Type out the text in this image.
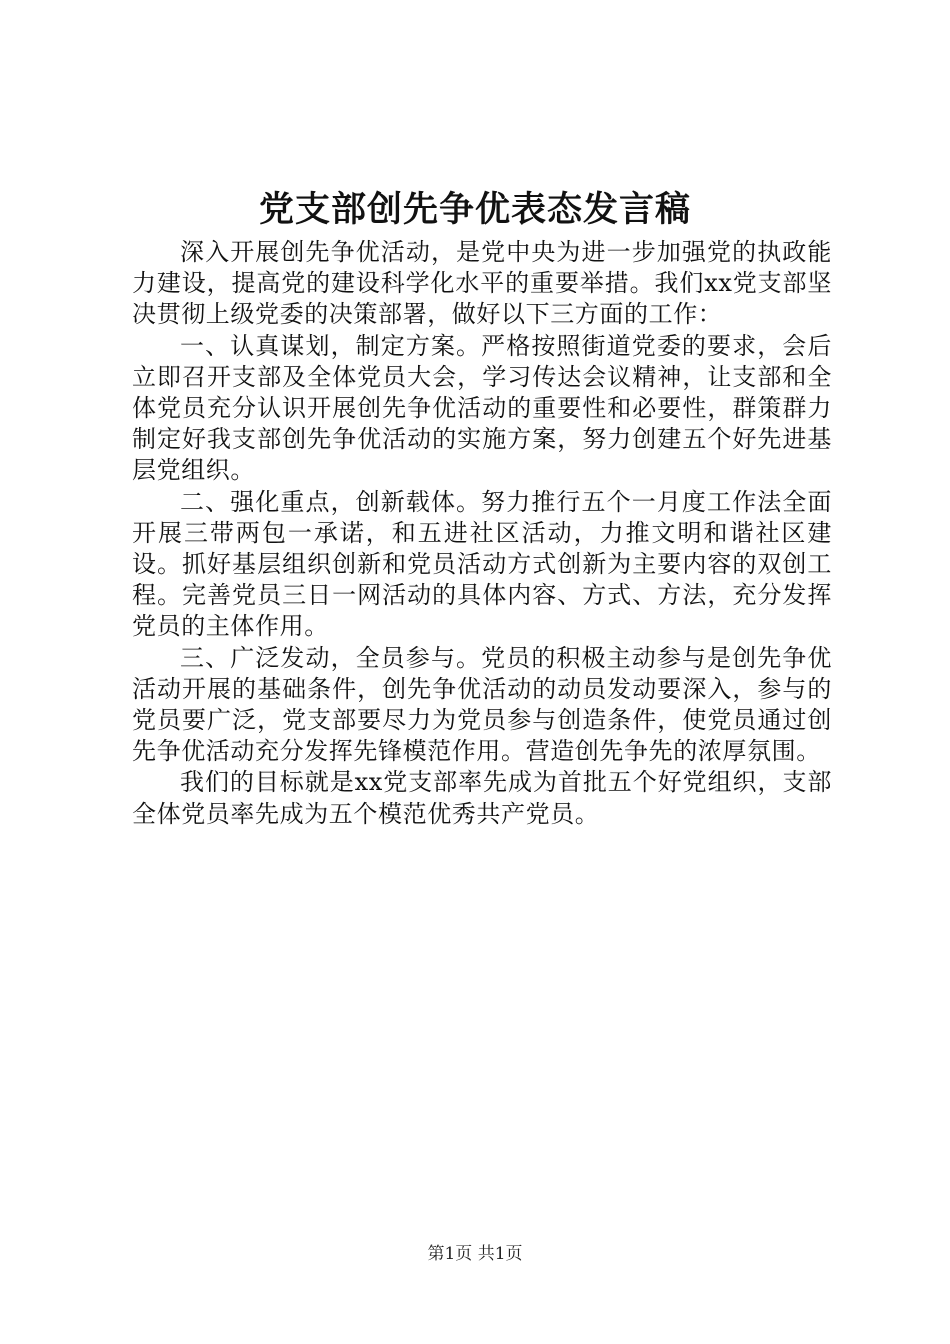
党支部创先争优表态发言稿

深入开展创先争优活动，是党中央为进一步加强党的执政能力建设，提高党的建设科学化水平的重要举措。我们xx党支部坚决贯彻上级党委的决策部署，做好以下三方面的工作：

一、认真谋划，制定方案。严格按照街道党委的要求，会后立即召开支部及全体党员大会，学习传达会议精神，让支部和全体党员充分认识开展创先争优活动的重要性和必要性，群策群力制定好我支部创先争优活动的实施方案，努力创建五个好先进基层党组织。

二、强化重点，创新载体。努力推行五个一月度工作法全面开展三带两包一承诺，和五进社区活动，力推文明和谐社区建设。抓好基层组织创新和党员活动方式创新为主要内容的双创工程。完善党员三日一网活动的具体内容、方式、方法，充分发挥党员的主体作用。

三、广泛发动，全员参与。党员的积极主动参与是创先争优活动开展的基础条件，创先争优活动的动员发动要深入，参与的党员要广泛，党支部要尽力为党员参与创造条件，使党员通过创先争优活动充分发挥先锋模范作用。营造创先争先的浓厚氛围。

我们的目标就是xx党支部率先成为首批五个好党组织，支部全体党员率先成为五个模范优秀共产党员。

第1页 共1页
